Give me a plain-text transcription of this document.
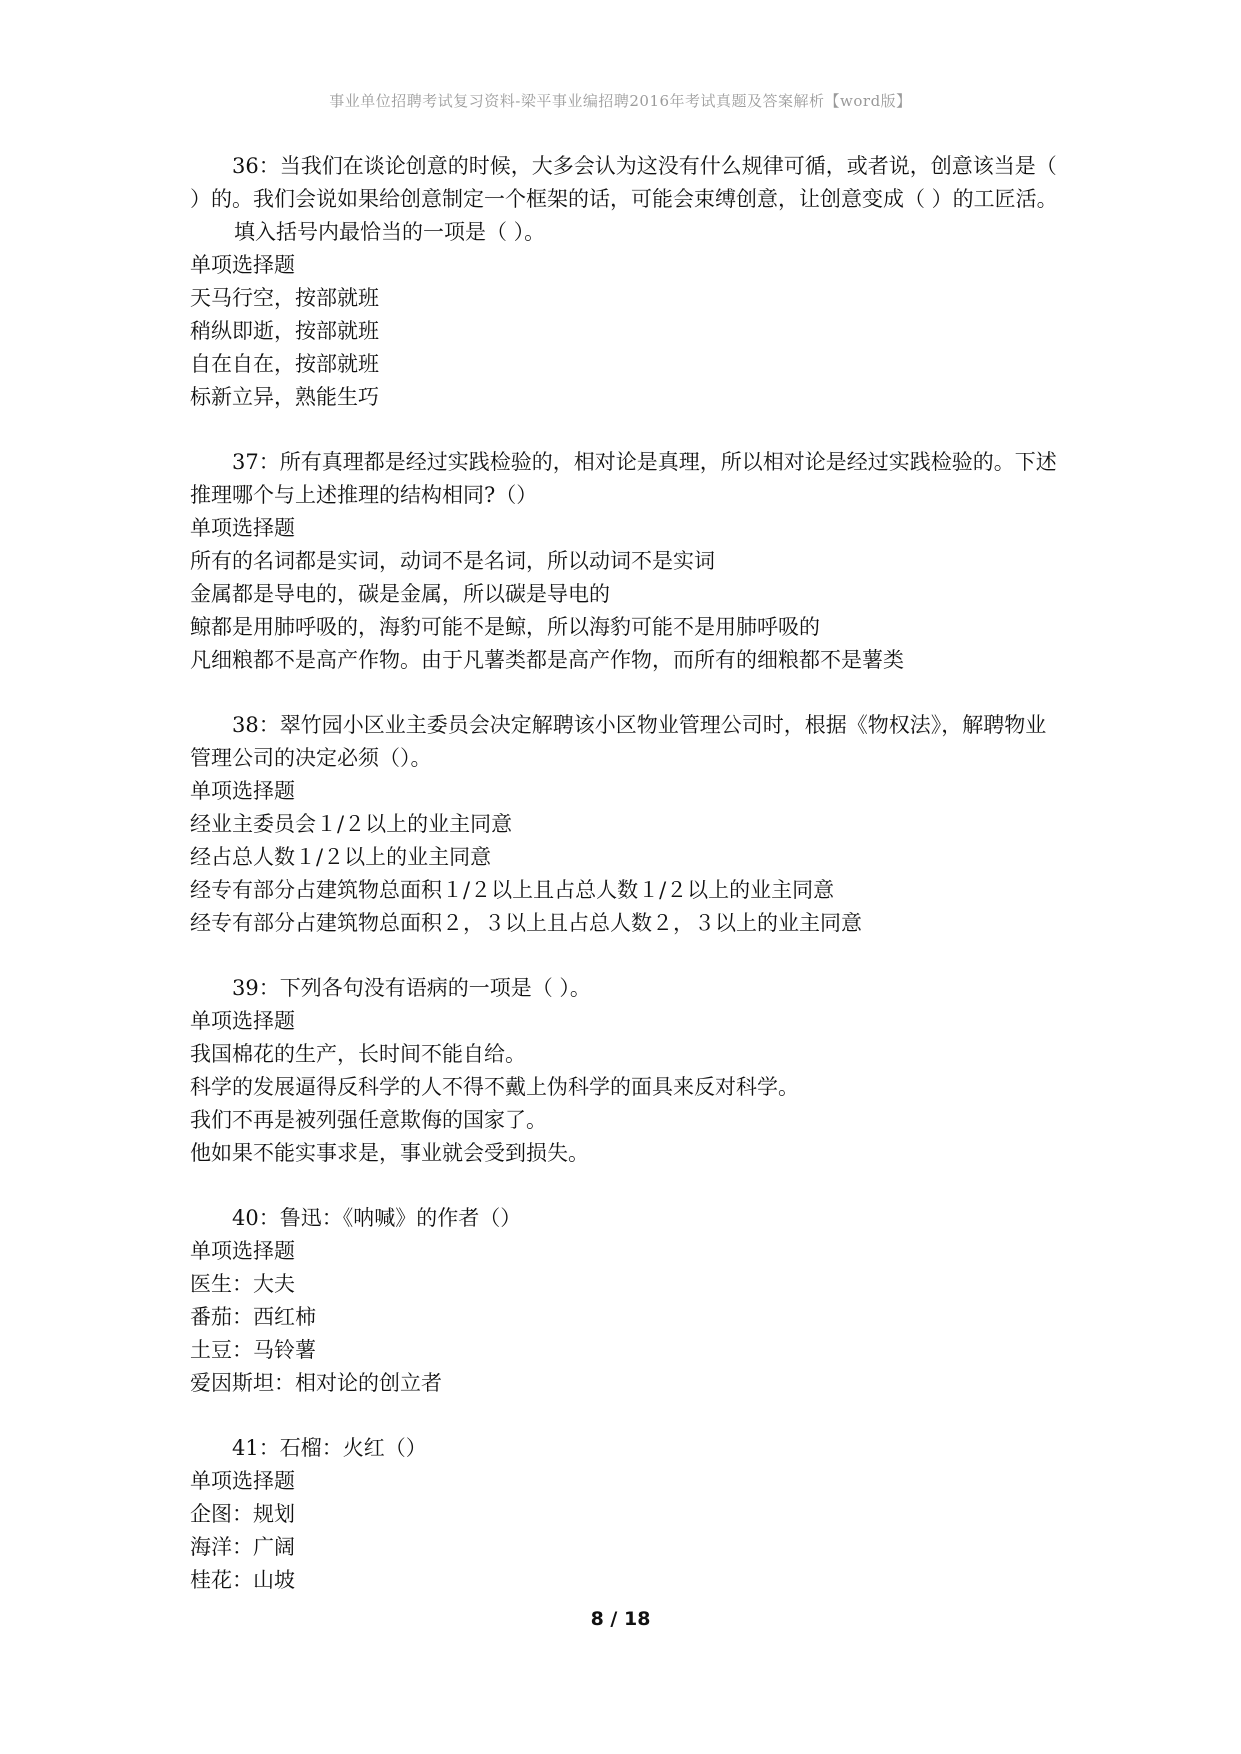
事业单位招聘考试复习资料-梁平事业编招聘2016年考试真题及答案解析【word版】

36：当我们在谈论创意的时候，大多会认为这没有什么规律可循，或者说，创意该当是（ ）的。我们会说如果给创意制定一个框架的话，可能会束缚创意，让创意变成（ ）的工匠活。填入括号内最恰当的一项是（ ）。

单项选择题

天马行空，按部就班

稍纵即逝，按部就班

自在自在，按部就班

标新立异，熟能生巧

37：所有真理都是经过实践检验的，相对论是真理，所以相对论是经过实践检验的。下述推理哪个与上述推理的结构相同?（）

单项选择题

所有的名词都是实词，动词不是名词，所以动词不是实词

金属都是导电的，碳是金属，所以碳是导电的

鲸都是用肺呼吸的，海豹可能不是鲸，所以海豹可能不是用肺呼吸的

凡细粮都不是高产作物。由于凡薯类都是高产作物，而所有的细粮都不是薯类

38：翠竹园小区业主委员会决定解聘该小区物业管理公司时，根据《物权法》，解聘物业管理公司的决定必须（）。

单项选择题

经业主委员会１/２以上的业主同意

经占总人数１/２以上的业主同意

经专有部分占建筑物总面积１/２以上且占总人数１/２以上的业主同意

经专有部分占建筑物总面积２，３以上且占总人数２，３以上的业主同意

39：下列各句没有语病的一项是（ ）。

单项选择题

我国棉花的生产，长时间不能自给。

科学的发展逼得反科学的人不得不戴上伪科学的面具来反对科学。

我们不再是被列强任意欺侮的国家了。

他如果不能实事求是，事业就会受到损失。

40：鲁迅：《呐喊》的作者（）

单项选择题

医生：大夫

番茄：西红柿

土豆：马铃薯

爱因斯坦：相对论的创立者

41：石榴：火红（）

单项选择题

企图：规划

海洋：广阔

桂花：山坡

8 / 18
